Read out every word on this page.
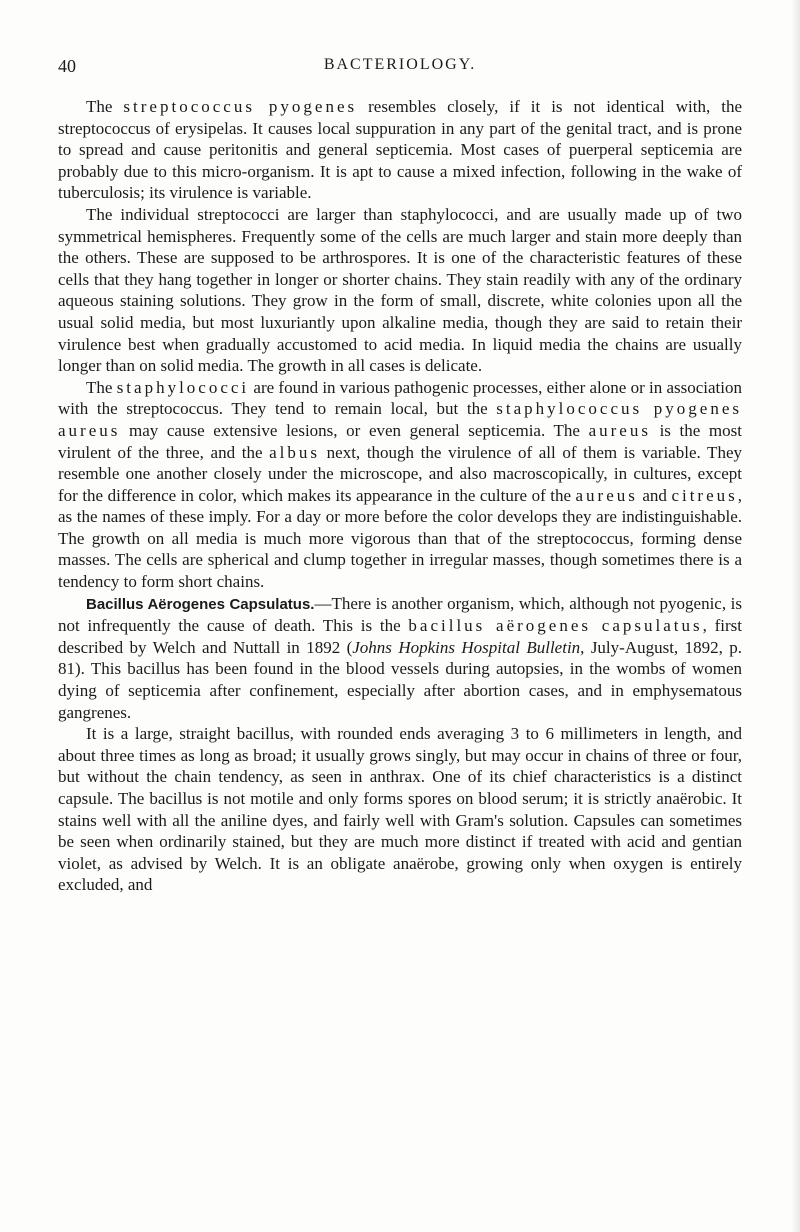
40	BACTERIOLOGY.

The streptococcus pyogenes resembles closely, if it is not identical with, the streptococcus of erysipelas. It causes local suppuration in any part of the genital tract, and is prone to spread and cause peritonitis and general septicemia. Most cases of puerperal septicemia are probably due to this micro-organism. It is apt to cause a mixed infection, following in the wake of tuberculosis; its virulence is variable.

The individual streptococci are larger than staphylococci, and are usually made up of two symmetrical hemispheres. Frequently some of the cells are much larger and stain more deeply than the others. These are supposed to be arthrospores. It is one of the characteristic features of these cells that they hang together in longer or shorter chains. They stain readily with any of the ordinary aqueous staining solutions. They grow in the form of small, discrete, white colonies upon all the usual solid media, but most luxuriantly upon alkaline media, though they are said to retain their virulence best when gradually accustomed to acid media. In liquid media the chains are usually longer than on solid media. The growth in all cases is delicate.

The staphylococci are found in various pathogenic processes, either alone or in association with the streptococcus. They tend to remain local, but the staphylococcus pyogenes aureus may cause extensive lesions, or even general septicemia. The aureus is the most virulent of the three, and the albus next, though the virulence of all of them is variable. They resemble one another closely under the microscope, and also macroscopically, in cultures, except for the difference in color, which makes its appearance in the culture of the aureus and citreus, as the names of these imply. For a day or more before the color develops they are indistinguishable. The growth on all media is much more vigorous than that of the streptococcus, forming dense masses. The cells are spherical and clump together in irregular masses, though sometimes there is a tendency to form short chains.

Bacillus Aërogenes Capsulatus.—There is another organism, which, although not pyogenic, is not infrequently the cause of death. This is the bacillus aërogenes capsulatus, first described by Welch and Nuttall in 1892 (Johns Hopkins Hospital Bulletin, July-August, 1892, p. 81). This bacillus has been found in the blood vessels during autopsies, in the wombs of women dying of septicemia after confinement, especially after abortion cases, and in emphysematous gangrenes.

It is a large, straight bacillus, with rounded ends averaging 3 to 6 millimeters in length, and about three times as long as broad; it usually grows singly, but may occur in chains of three or four, but without the chain tendency, as seen in anthrax. One of its chief characteristics is a distinct capsule. The bacillus is not motile and only forms spores on blood serum; it is strictly anaërobic. It stains well with all the aniline dyes, and fairly well with Gram's solution. Capsules can sometimes be seen when ordinarily stained, but they are much more distinct if treated with acid and gentian violet, as advised by Welch. It is an obligate anaërobe, growing only when oxygen is entirely excluded, and
